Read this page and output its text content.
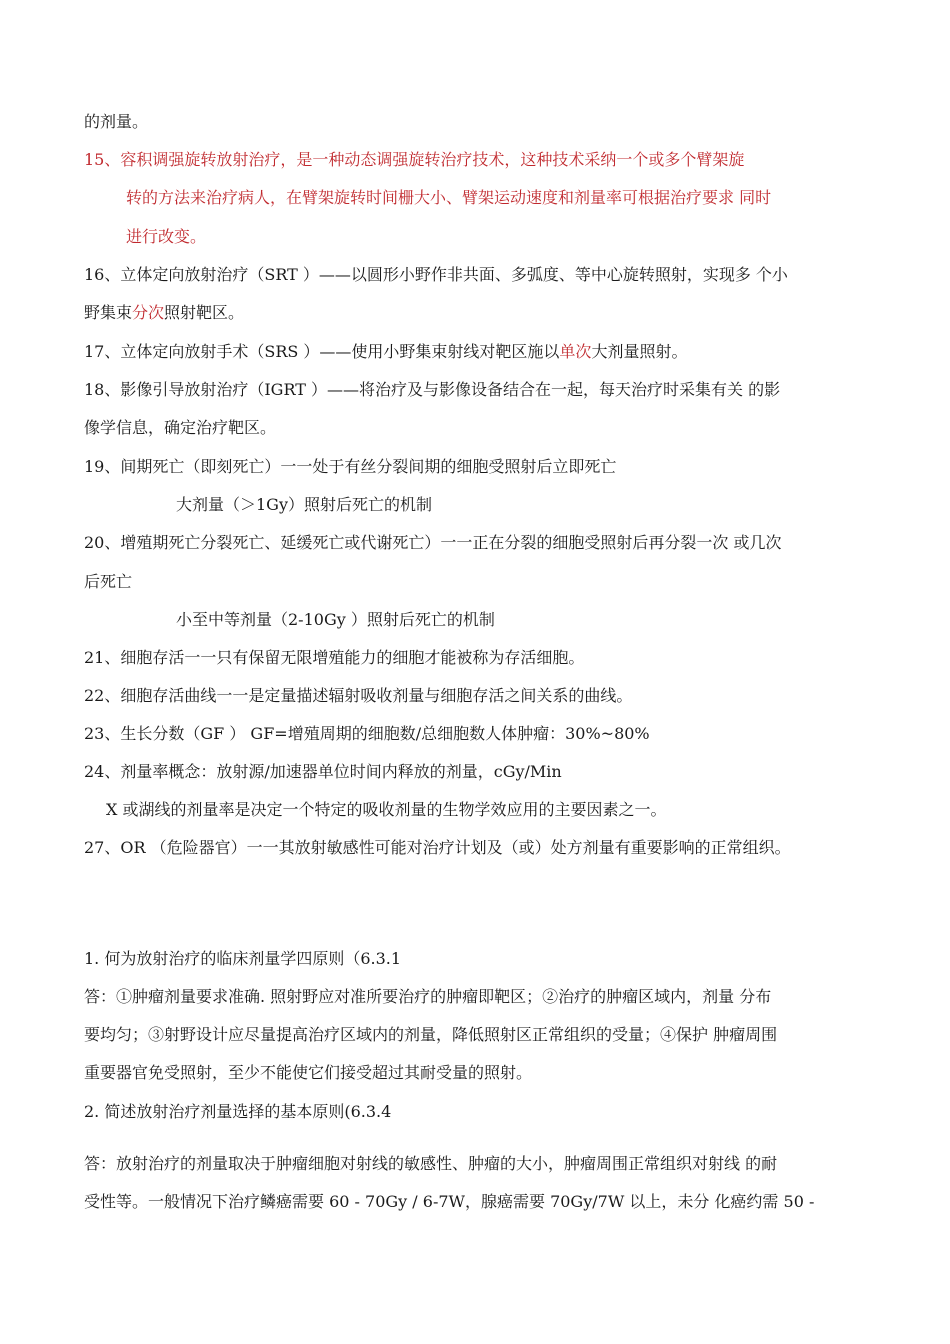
的剂量。
15、容积调强旋转放射治疗，是一种动态调强旋转治疗技术，这种技术采纳一个或多个臂架旋
转的方法来治疗病人，在臂架旋转时间栅大小、臂架运动速度和剂量率可根据治疗要求 同时
进行改变。
16、立体定向放射治疗（SRT ）——以圆形小野作非共面、多弧度、等中心旋转照射，实现多 个小
野集束分次照射靶区。
17、立体定向放射手术（SRS ）——使用小野集束射线对靶区施以单次大剂量照射。
18、影像引导放射治疗（IGRT ）——将治疗及与影像设备结合在一起，每天治疗时采集有关 的影
像学信息，确定治疗靶区。
19、间期死亡（即刻死亡）一一处于有丝分裂间期的细胞受照射后立即死亡
大剂量（＞1Gy）照射后死亡的机制
20、增殖期死亡分裂死亡、延缓死亡或代谢死亡）一一正在分裂的细胞受照射后再分裂一次 或几次
后死亡
小至中等剂量（2-10Gy ）照射后死亡的机制
21、细胞存活一一只有保留无限增殖能力的细胞才能被称为存活细胞。
22、细胞存活曲线一一是定量描述辐射吸收剂量与细胞存活之间关系的曲线。
23、生长分数（GF ） GF=增殖周期的细胞数/总细胞数人体肿瘤：30%~80%
24、剂量率概念：放射源/加速器单位时间内释放的剂量，cGy/Min
X 或湖线的剂量率是决定一个特定的吸收剂量的生物学效应用的主要因素之一。
27、OR （危险器官）一一其放射敏感性可能对治疗计划及（或）处方剂量有重要影响的正常组织。
1. 何为放射治疗的临床剂量学四原则（6.3.1
答：①肿瘤剂量要求准确. 照射野应对准所要治疗的肿瘤即靶区；②治疗的肿瘤区域内，剂量 分布
要均匀；③射野设计应尽量提高治疗区域内的剂量，降低照射区正常组织的受量；④保护 肿瘤周围
重要器官免受照射，至少不能使它们接受超过其耐受量的照射。
2. 简述放射治疗剂量选择的基本原则(6.3.4
答：放射治疗的剂量取决于肿瘤细胞对射线的敏感性、肿瘤的大小，肿瘤周围正常组织对射线 的耐
受性等。一般情况下治疗鳞癌需要 60 - 70Gy / 6-7W，腺癌需要 70Gy/7W 以上，未分 化癌约需 50 -
